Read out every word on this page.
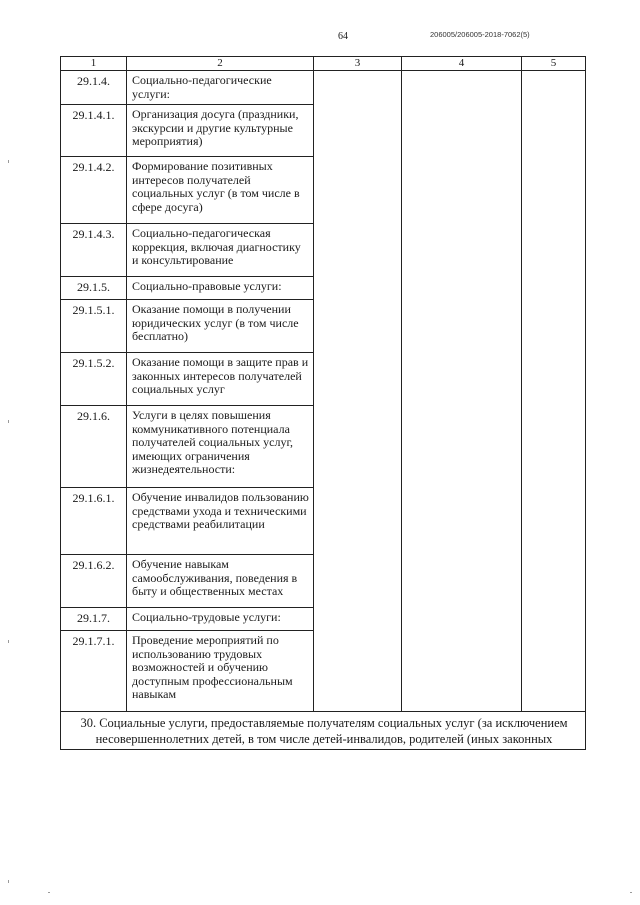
64	206005/206005-2018-7062(5)
1	2	3	4	5
29.1.4.	Социально-педагогические услуги:			
29.1.4.1.	Организация досуга (праздники, экскурсии и другие культурные мероприятия)			
29.1.4.2.	Формирование позитивных интересов получателей социальных услуг (в том числе в сфере досуга)			
29.1.4.3.	Социально-педагогическая коррекция, включая диагностику и консультирование			
29.1.5.	Социально-правовые услуги:			
29.1.5.1.	Оказание помощи в получении юридических услуг (в том числе бесплатно)			
29.1.5.2.	Оказание помощи в защите прав и законных интересов получателей социальных услуг			
29.1.6.	Услуги в целях повышения коммуникативного потенциала получателей социальных услуг, имеющих ограничения жизнедеятельности:			
29.1.6.1.	Обучение инвалидов пользованию средствами ухода и техническими средствами реабилитации			
29.1.6.2.	Обучение навыкам самообслуживания, поведения в быту и общественных местах			
29.1.7.	Социально-трудовые услуги:			
29.1.7.1.	Проведение мероприятий по использованию трудовых возможностей и обучению доступным профессиональным навыкам			
30. Социальные услуги, предоставляемые получателям социальных услуг (за исключением несовершеннолетних детей, в том числе детей-инвалидов, родителей (иных законных				
